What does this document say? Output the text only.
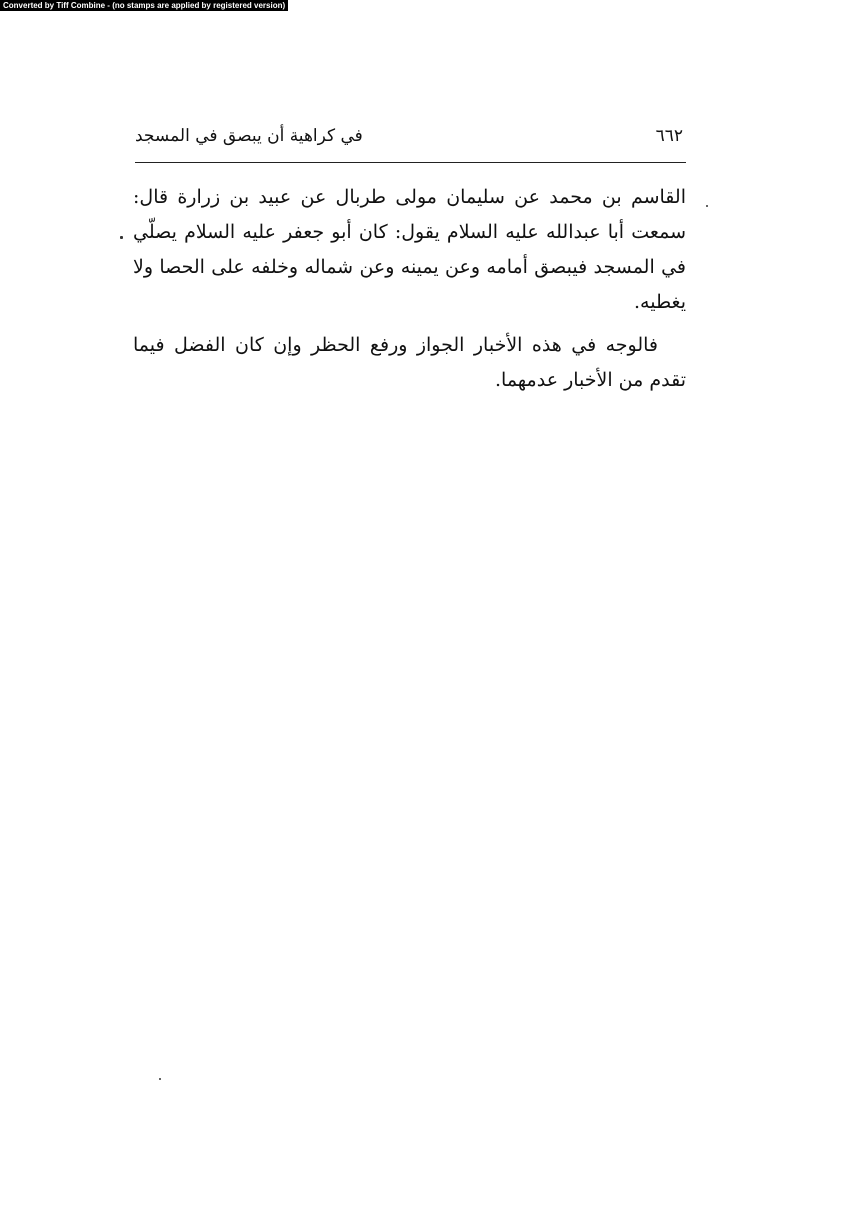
Converted by Tiff Combine - (no stamps are applied by registered version)
٦٦٢
في كراهية أن يبصق في المسجد

القاسم بن محمد عن سليمان مولى طربال عن عبيد بن زرارة قال: سمعت أبا عبدالله عليه السلام يقول: كان أبو جعفر عليه السلام يصلّي في المسجد فيبصق أمامه وعن يمينه وعن شماله وخلفه على الحصا ولا يغطيه.

فالوجه في هذه الأخبار الجواز ورفع الحظر وإن كان الفضل فيما تقدم من الأخبار عدمهما.
